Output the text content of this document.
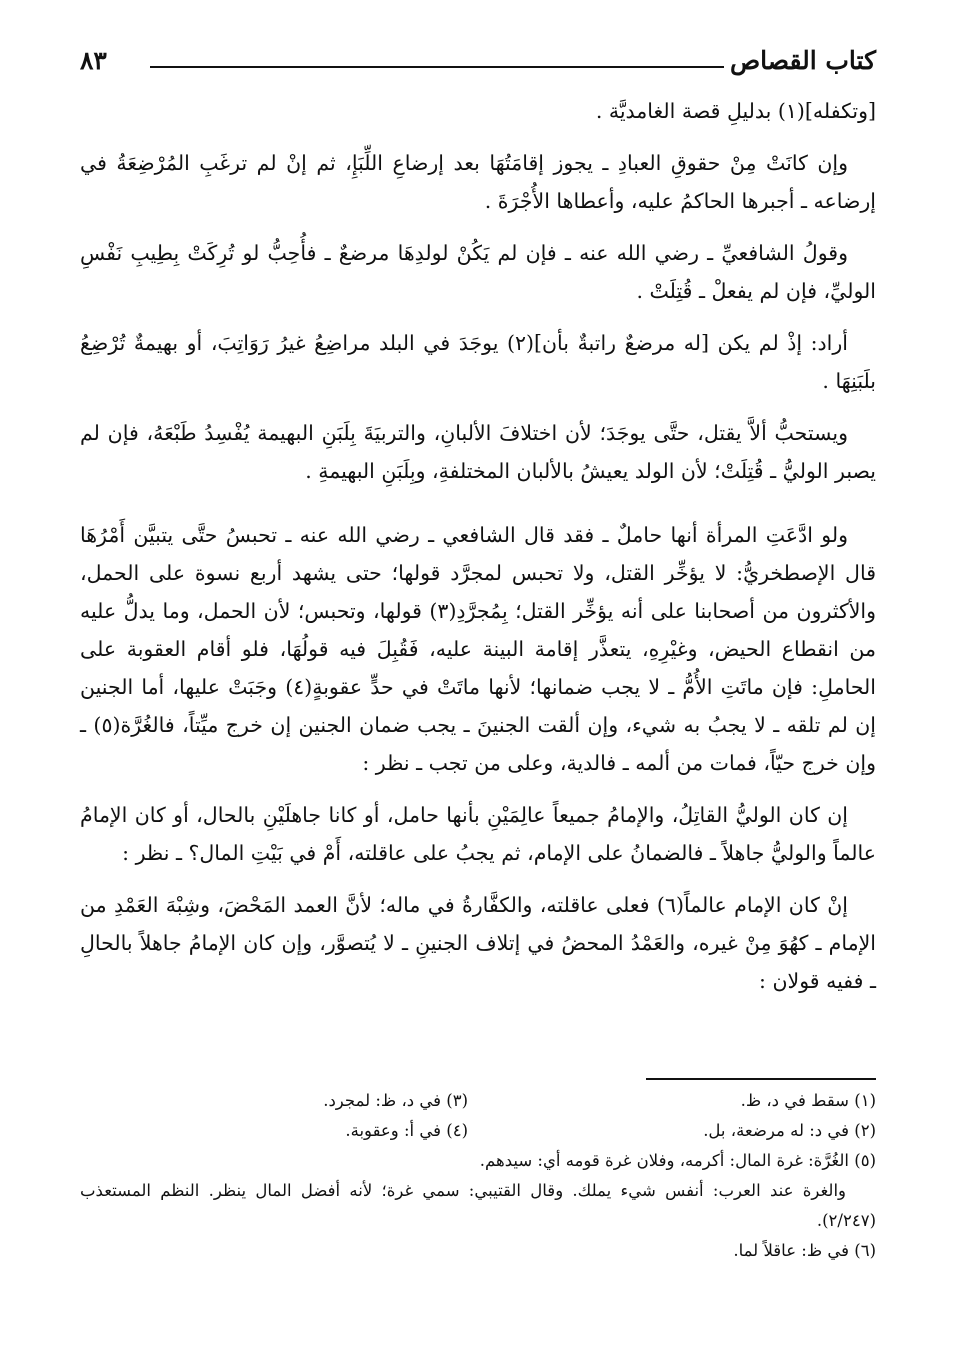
كتاب القصاص
٨٣

[وتكفله](١) بدليلِ قصة الغامديَّة .

وإن كانَتْ مِنْ حقوقِ العبادِ ـ يجوز إقامَتُهَا بعد إرضاعِ اللِّبَإِ، ثم إنْ لم ترغَبِ المُرْضِعَةُ في إرضاعه ـ أجبرها الحاكمُ عليه، وأعطاها الأُجْرَةَ .

وقولُ الشافعيِّ ـ رضي الله عنه ـ فإن لم يَكُنْ لولدِهَا مرضعٌ ـ فأُحِبُّ لو تُرِكَتْ بِطِيبِ نَفْسِ الوليِّ، فإن لم يفعلْ ـ قُتِلَتْ .

أراد: إذْ لم يكن [له مرضعٌ راتبةٌ بأن](٢) يوجَدَ في البلد مراضِعُ غيرُ رَوَاتِبَ، أو بهيمةٌ تُرْضِعُ بلَبَنِهَا .

ويستحبُّ ألاَّ يقتل، حتَّى يوجَدَ؛ لأن اختلافَ الألبانِ، والتربيَةَ بِلَبَنِ البهيمة يُفْسِدُ طَبْعَهُ، فإن لم يصبر الوليُّ ـ قُتِلَتْ؛ لأن الولد يعيشُ بالألبان المختلفةِ، وبِلَبَنِ البهيمةِ .

ولو ادَّعَتِ المرأة أنها حاملٌ ـ فقد قال الشافعي ـ رضي الله عنه ـ تحبسُ حتَّى يتبيَّن أَمْرُهَا قال الإصطخريُّ: لا يؤخِّر القتل، ولا تحبس لمجرَّد قولها؛ حتى يشهد أربع نسوة على الحمل، والأكثرون من أصحابنا على أنه يؤخِّر القتل؛ بِمُجرَّدِ(٣) قولها، وتحبس؛ لأن الحمل، وما يدلُّ عليه من انقطاع الحيض، وغيْرِهِ، يتعذَّر إقامة البينة عليه، فَقُبِلَ فيه قولُهَا، فلو أقام العقوبة على الحاملِ: فإن ماتَتِ الأُمُّ ـ لا يجب ضمانها؛ لأنها ماتَتْ في حدٍّ عقوبةٍ(٤) وجَبَتْ عليها، أما الجنين إن لم تلقه ـ لا يجبُ به شيء، وإن ألقت الجنينَ ـ يجب ضمان الجنين إن خرج ميِّتاً، فالغُرَّة(٥) ـ وإن خرج حيّاً، فمات من ألمه ـ فالدية، وعلى من تجب ـ نظر :

إن كان الوليُّ القاتِلُ، والإمامُ جميعاً عالِمَيْنِ بأنها حامل، أو كانا جاهلَيْنِ بالحال، أو كان الإمامُ عالماً والوليُّ جاهلاً ـ فالضمانُ على الإمام، ثم يجبُ على عاقلته، أَمْ في بَيْتِ المال؟ ـ نظر :

إنْ كان الإمام عالماً(٦) فعلى عاقلته، والكفَّارةُ في ماله؛ لأنَّ العمد المَحْضَ، وشِبْهَ العَمْدِ من الإمام ـ كهُوَ مِنْ غيره، والعَمْدُ المحضُ في إتلاف الجنينِ ـ لا يُتصوَّر، وإن كان الإمامُ جاهلاً بالحالِ ـ ففيه قولان :

(١) سقط في د، ظ.

(٣) في د، ظ: لمجرد.

(٢) في د: له مرضعة، بل.

(٤) في أ: وعقوبة.

(٥) الغُرَّة: غرة المال: أكرمه، وفلان غرة قومه أي: سيدهم.

والغرة عند العرب: أنفس شيء يملك. وقال القتيبي: سمي غرة؛ لأنه أفضل المال ينظر. النظم المستعذب (٢/٢٤٧).

(٦) في ظ: عاقلاً لما.
